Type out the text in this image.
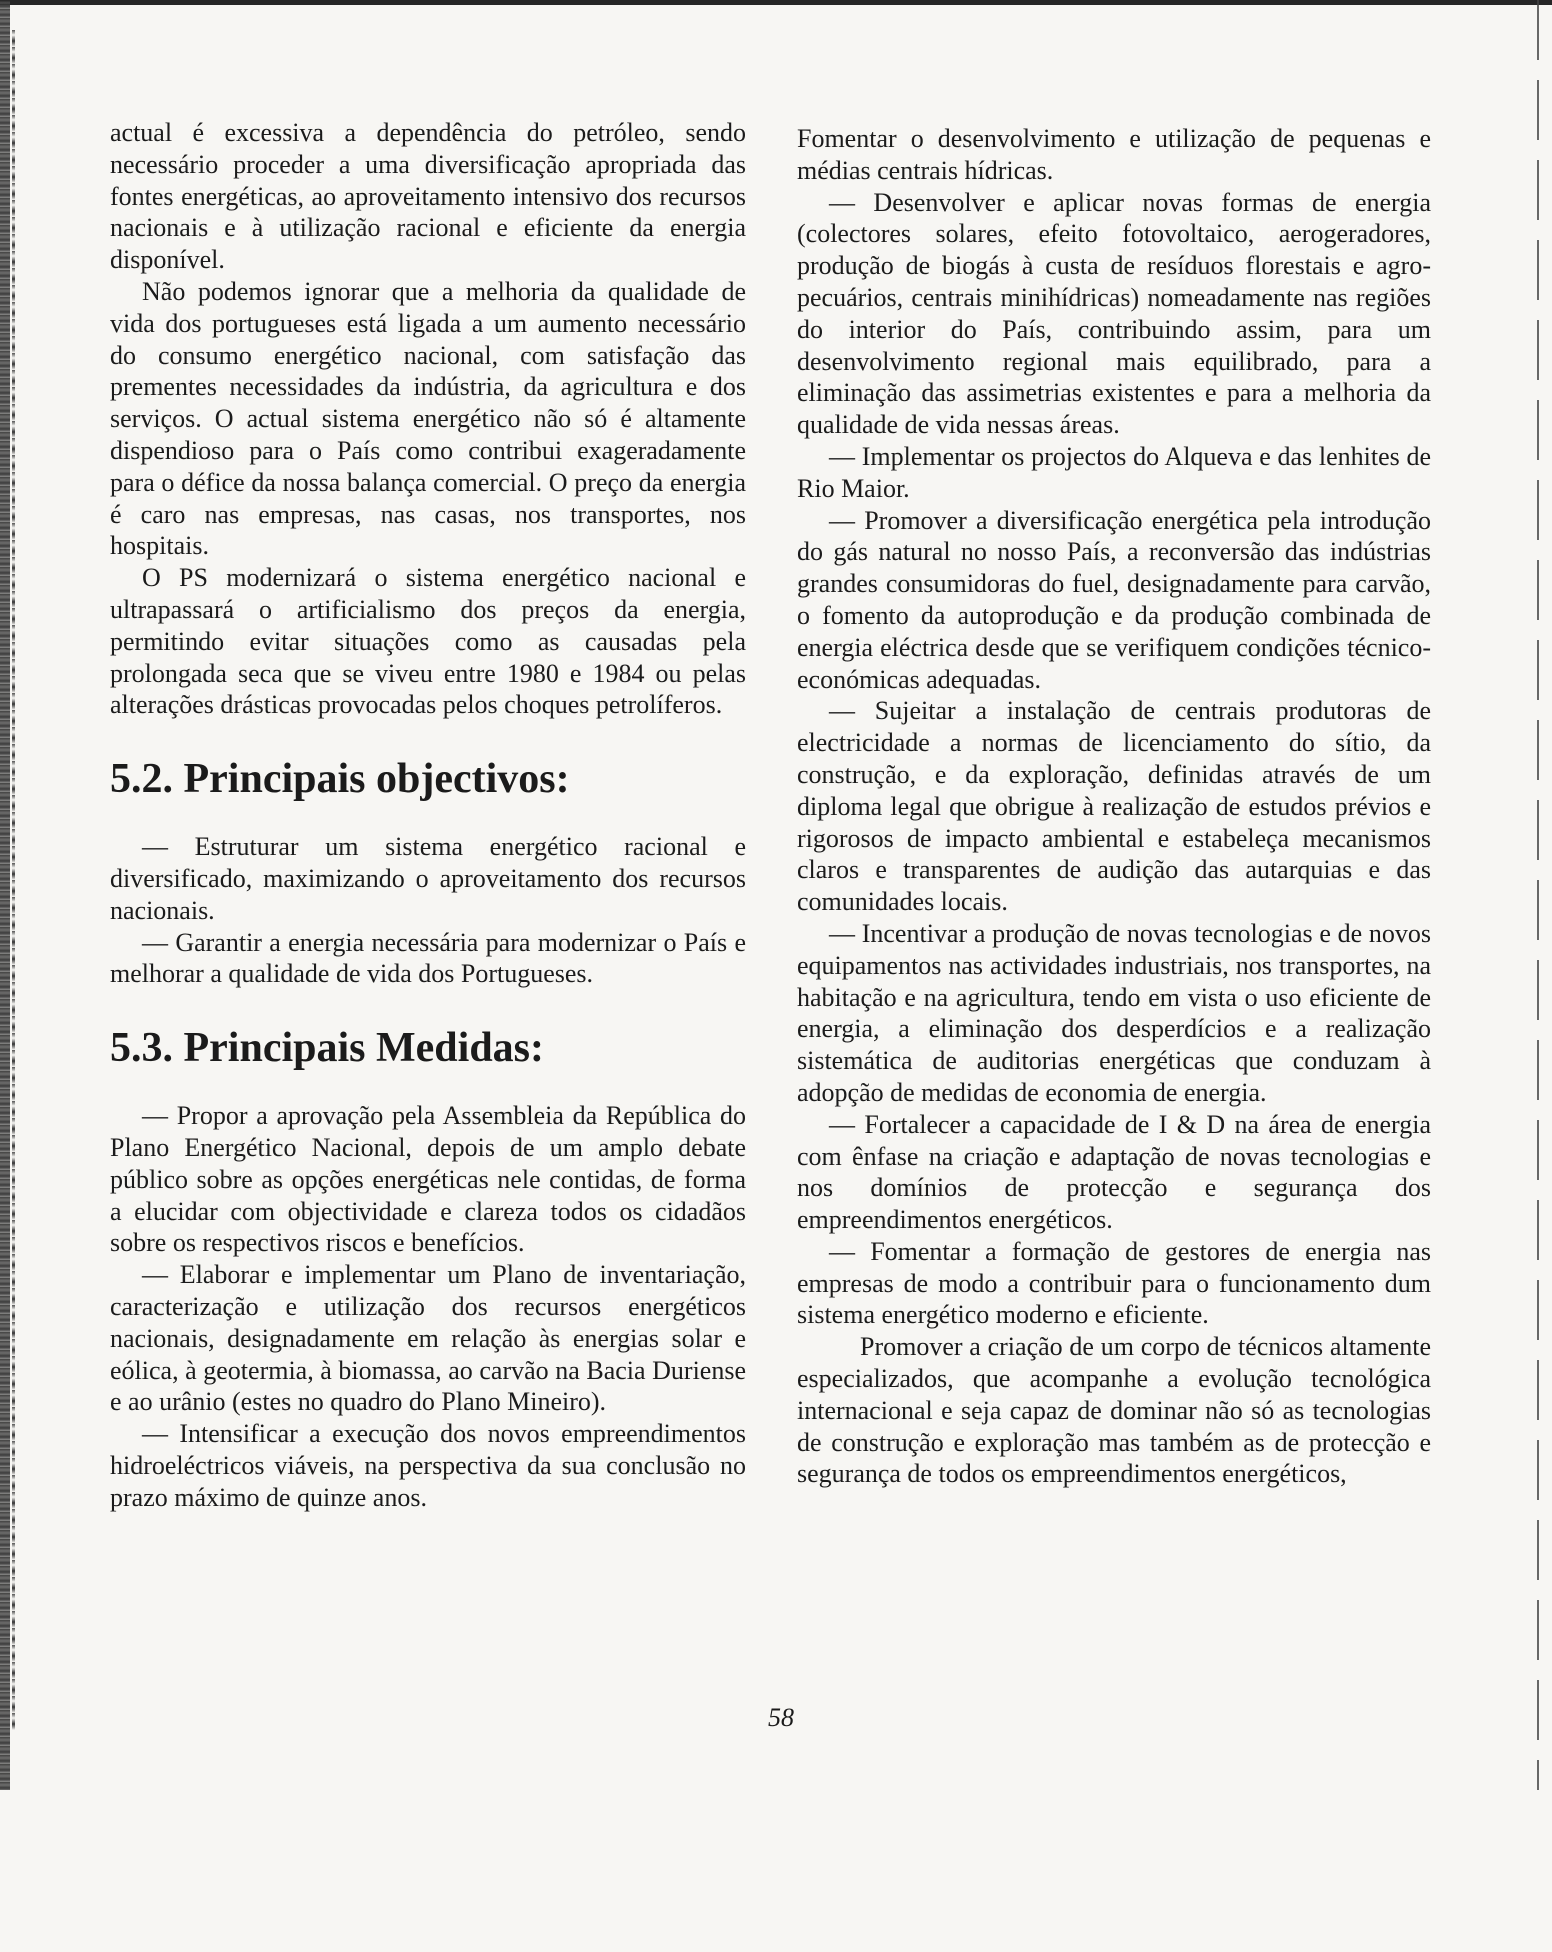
actual é excessiva a dependência do petróleo, sendo necessário proceder a uma diversificação apropriada das fontes energéticas, ao aproveitamento intensivo dos recursos nacionais e à utilização racional e eficiente da energia disponível.

Não podemos ignorar que a melhoria da qualidade de vida dos portugueses está ligada a um aumento necessário do consumo energético nacional, com satisfação das prementes necessidades da indústria, da agricultura e dos serviços. O actual sistema energético não só é altamente dispendioso para o País como contribui exageradamente para o défice da nossa balança comercial. O preço da energia é caro nas empresas, nas casas, nos transportes, nos hospitais.

O PS modernizará o sistema energético nacional e ultrapassará o artificialismo dos preços da energia, permitindo evitar situações como as causadas pela prolongada seca que se viveu entre 1980 e 1984 ou pelas alterações drásticas provocadas pelos choques petrolíferos.

5.2. Principais objectivos:

— Estruturar um sistema energético racional e diversificado, maximizando o aproveitamento dos recursos nacionais.

— Garantir a energia necessária para modernizar o País e melhorar a qualidade de vida dos Portugueses.

5.3. Principais Medidas:

— Propor a aprovação pela Assembleia da República do Plano Energético Nacional, depois de um amplo debate público sobre as opções energéticas nele contidas, de forma a elucidar com objectividade e clareza todos os cidadãos sobre os respectivos riscos e benefícios.

— Elaborar e implementar um Plano de inventariação, caracterização e utilização dos recursos energéticos nacionais, designadamente em relação às energias solar e eólica, à geotermia, à biomassa, ao carvão na Bacia Duriense e ao urânio (estes no quadro do Plano Mineiro).

— Intensificar a execução dos novos empreendimentos hidroeléctricos viáveis, na perspectiva da sua conclusão no prazo máximo de quinze anos.

Fomentar o desenvolvimento e utilização de pequenas e médias centrais hídricas.

— Desenvolver e aplicar novas formas de energia (colectores solares, efeito fotovoltaico, aerogeradores, produção de biogás à custa de resíduos florestais e agro-pecuários, centrais minihídricas) nomeadamente nas regiões do interior do País, contribuindo assim, para um desenvolvimento regional mais equilibrado, para a eliminação das assimetrias existentes e para a melhoria da qualidade de vida nessas áreas.

— Implementar os projectos do Alqueva e das lenhites de Rio Maior.

— Promover a diversificação energética pela introdução do gás natural no nosso País, a reconversão das indústrias grandes consumidoras do fuel, designadamente para carvão, o fomento da autoprodução e da produção combinada de energia eléctrica desde que se verifiquem condições técnico-económicas adequadas.

— Sujeitar a instalação de centrais produtoras de electricidade a normas de licenciamento do sítio, da construção, e da exploração, definidas através de um diploma legal que obrigue à realização de estudos prévios e rigorosos de impacto ambiental e estabeleça mecanismos claros e transparentes de audição das autarquias e das comunidades locais.

— Incentivar a produção de novas tecnologias e de novos equipamentos nas actividades industriais, nos transportes, na habitação e na agricultura, tendo em vista o uso eficiente de energia, a eliminação dos desperdícios e a realização sistemática de auditorias energéticas que conduzam à adopção de medidas de economia de energia.

— Fortalecer a capacidade de I & D na área de energia com ênfase na criação e adaptação de novas tecnologias e nos domínios de protecção e segurança dos empreendimentos energéticos.

— Fomentar a formação de gestores de energia nas empresas de modo a contribuir para o funcionamento dum sistema energético moderno e eficiente.

Promover a criação de um corpo de técnicos altamente especializados, que acompanhe a evolução tecnológica internacional e seja capaz de dominar não só as tecnologias de construção e exploração mas também as de protecção e segurança de todos os empreendimentos energéticos,

58
